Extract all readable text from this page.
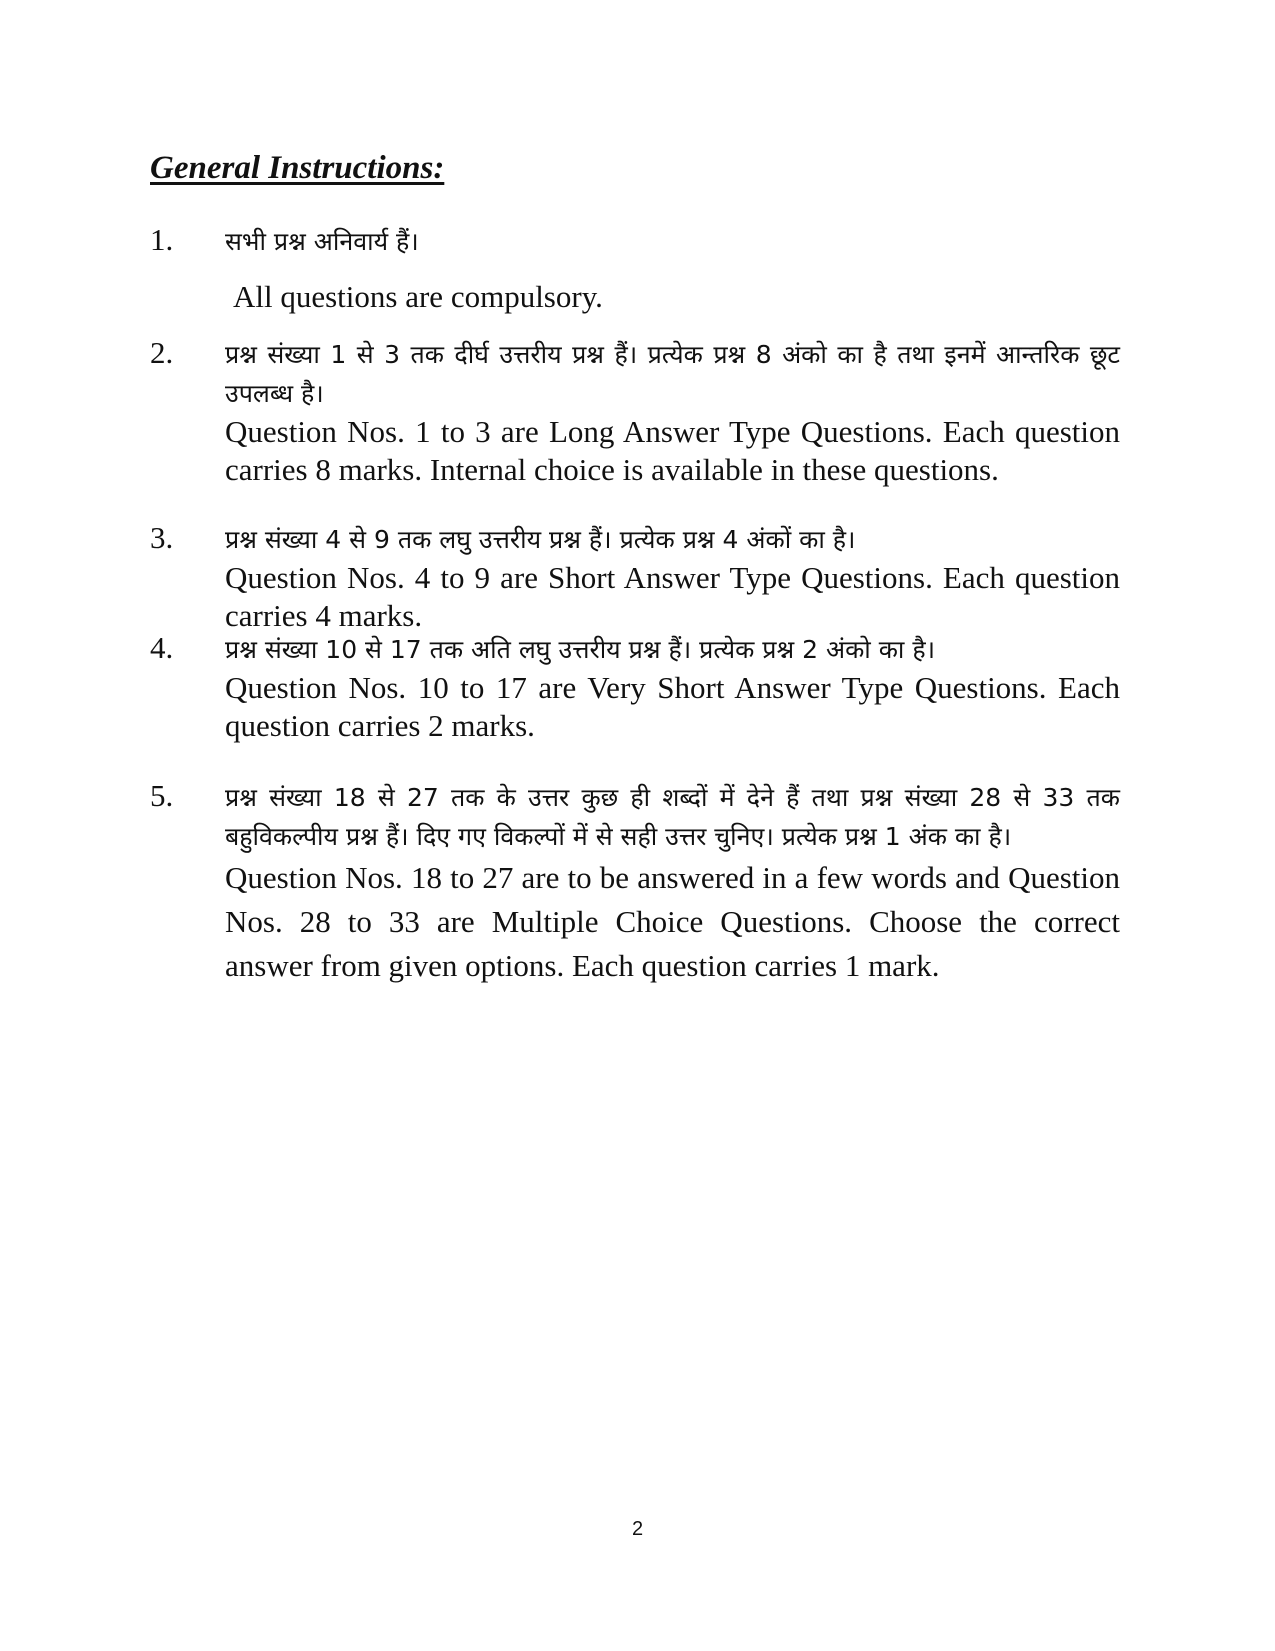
General Instructions:
1. सभी प्रश्न अनिवार्य हैं।

All questions are compulsory.

2. प्रश्न संख्या 1 से 3 तक दीर्घ उत्तरीय प्रश्न हैं। प्रत्येक प्रश्न 8 अंको का है तथा इनमें आन्तरिक छूट उपलब्ध है।

Question Nos. 1 to 3 are Long Answer Type Questions. Each question carries 8 marks. Internal choice is available in these questions.

3. प्रश्न संख्या 4 से 9 तक लघु उत्तरीय प्रश्न हैं। प्रत्येक प्रश्न 4 अंकों का है।

Question Nos. 4 to 9 are Short Answer Type Questions. Each question carries 4 marks.

4. प्रश्न संख्या 10 से 17 तक अति लघु उत्तरीय प्रश्न हैं। प्रत्येक प्रश्न 2 अंको का है।

Question Nos. 10 to 17 are Very Short Answer Type Questions. Each question carries 2 marks.

5. प्रश्न संख्या 18 से 27 तक के उत्तर कुछ ही शब्दों में देने हैं तथा प्रश्न संख्या 28 से 33 तक बहुविकल्पीय प्रश्न हैं। दिए गए विकल्पों में से सही उत्तर चुनिए। प्रत्येक प्रश्न 1 अंक का है।

Question Nos. 18 to 27 are to be answered in a few words and Question Nos. 28 to 33 are Multiple Choice Questions. Choose the correct answer from given options. Each question carries 1 mark.

2
